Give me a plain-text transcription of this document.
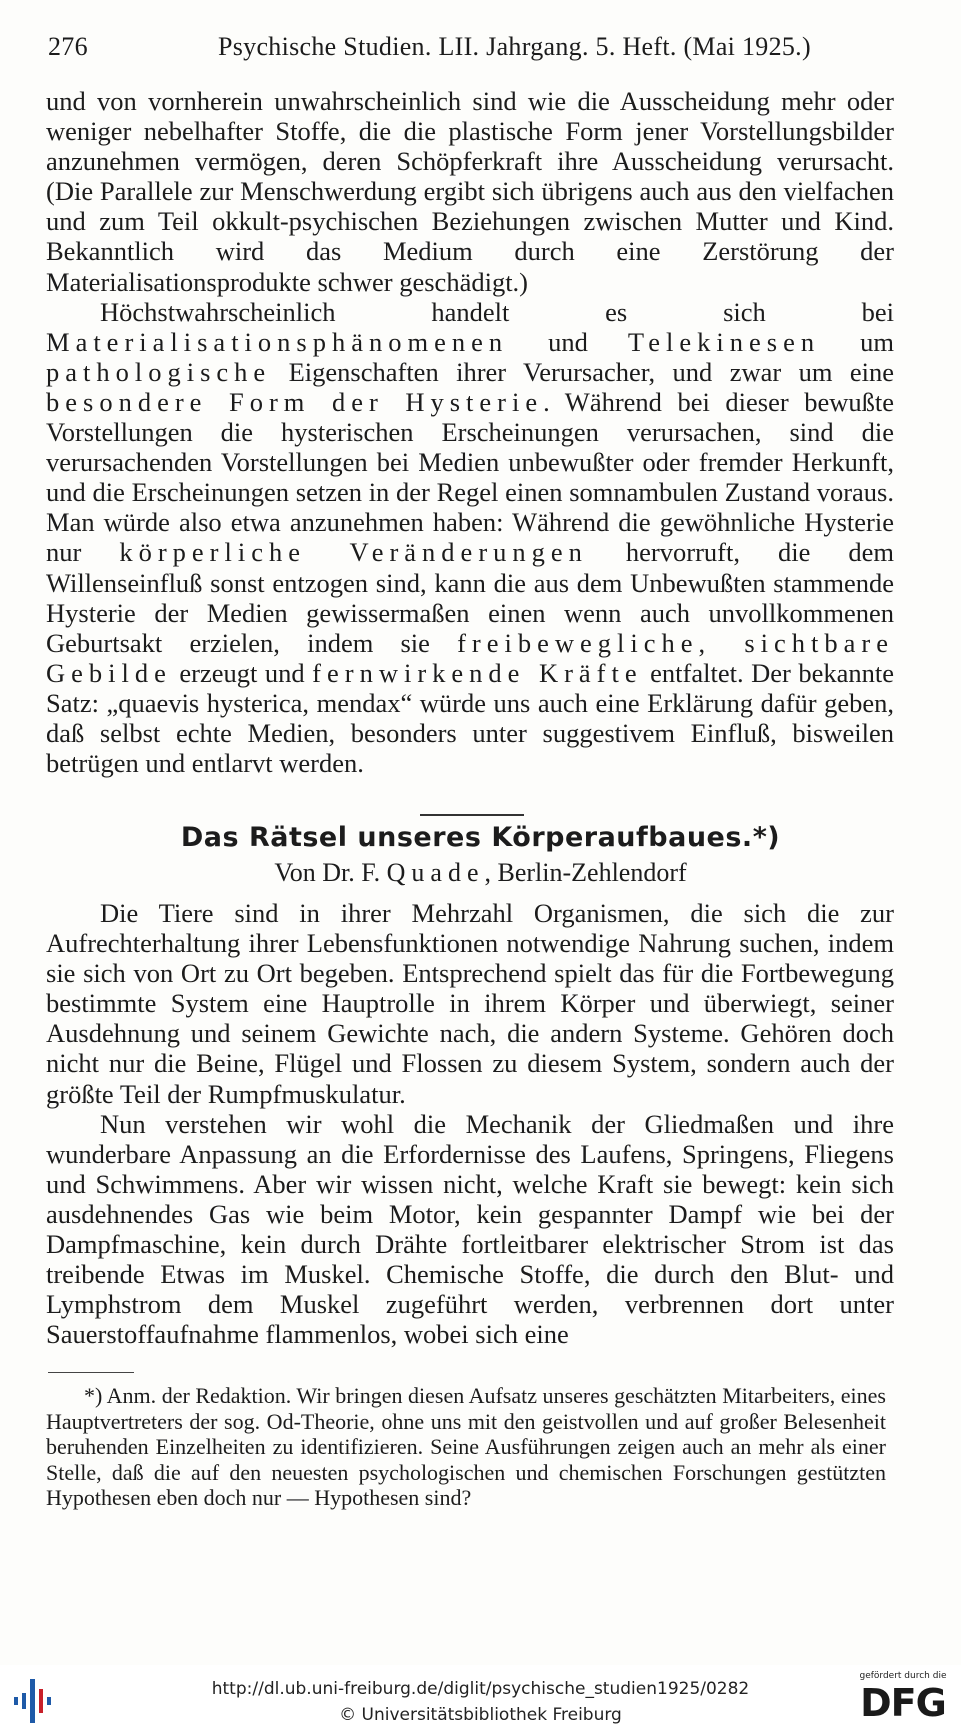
276	Psychische Studien. LII. Jahrgang. 5. Heft. (Mai 1925.)

und von vornherein unwahrscheinlich sind wie die Ausscheidung mehr oder weniger nebelhafter Stoffe, die die plastische Form jener Vorstellungsbilder anzunehmen vermögen, deren Schöpferkraft ihre Ausscheidung verursacht. (Die Parallele zur Menschwerdung ergibt sich übrigens auch aus den vielfachen und zum Teil okkult-psychischen Beziehungen zwischen Mutter und Kind. Bekanntlich wird das Medium durch eine Zerstörung der Materialisationsprodukte schwer geschädigt.)

Höchstwahrscheinlich handelt es sich bei Materialisationsphänomenen und Telekinesen um pathologische Eigenschaften ihrer Verursacher, und zwar um eine besondere Form der Hysterie. Während bei dieser bewußte Vorstellungen die hysterischen Erscheinungen verursachen, sind die verursachenden Vorstellungen bei Medien unbewußter oder fremder Herkunft, und die Erscheinungen setzen in der Regel einen somnambulen Zustand voraus. Man würde also etwa anzunehmen haben: Während die gewöhnliche Hysterie nur körperliche Veränderungen hervorruft, die dem Willenseinfluß sonst entzogen sind, kann die aus dem Unbewußten stammende Hysterie der Medien gewissermaßen einen wenn auch unvollkommenen Geburtsakt erzielen, indem sie freibewegliche, sichtbare Gebilde erzeugt und fernwirkende Kräfte entfaltet. Der bekannte Satz: „quaevis hysterica, mendax“ würde uns auch eine Erklärung dafür geben, daß selbst echte Medien, besonders unter suggestivem Einfluß, bisweilen betrügen und entlarvt werden.

Das Rätsel unseres Körperaufbaues.*)
Von Dr. F. Quade, Berlin-Zehlendorf

Die Tiere sind in ihrer Mehrzahl Organismen, die sich die zur Aufrechterhaltung ihrer Lebensfunktionen notwendige Nahrung suchen, indem sie sich von Ort zu Ort begeben. Entsprechend spielt das für die Fortbewegung bestimmte System eine Hauptrolle in ihrem Körper und überwiegt, seiner Ausdehnung und seinem Gewichte nach, die andern Systeme. Gehören doch nicht nur die Beine, Flügel und Flossen zu diesem System, sondern auch der größte Teil der Rumpfmuskulatur.

Nun verstehen wir wohl die Mechanik der Gliedmaßen und ihre wunderbare Anpassung an die Erfordernisse des Laufens, Springens, Fliegens und Schwimmens. Aber wir wissen nicht, welche Kraft sie bewegt: kein sich ausdehnendes Gas wie beim Motor, kein gespannter Dampf wie bei der Dampfmaschine, kein durch Drähte fortleitbarer elektrischer Strom ist das treibende Etwas im Muskel. Chemische Stoffe, die durch den Blut- und Lymphstrom dem Muskel zugeführt werden, verbrennen dort unter Sauerstoffaufnahme flammenlos, wobei sich eine

*) Anm. der Redaktion. Wir bringen diesen Aufsatz unseres geschätzten Mitarbeiters, eines Hauptvertreters der sog. Od-Theorie, ohne uns mit den geistvollen und auf großer Belesenheit beruhenden Einzelheiten zu identifizieren. Seine Ausführungen zeigen auch an mehr als einer Stelle, daß die auf den neuesten psychologischen und chemischen Forschungen gestützten Hypothesen eben doch nur — Hypothesen sind?

http://dl.ub.uni-freiburg.de/diglit/psychische_studien1925/0282
© Universitätsbibliothek Freiburg
gefördert durch die
DFG
